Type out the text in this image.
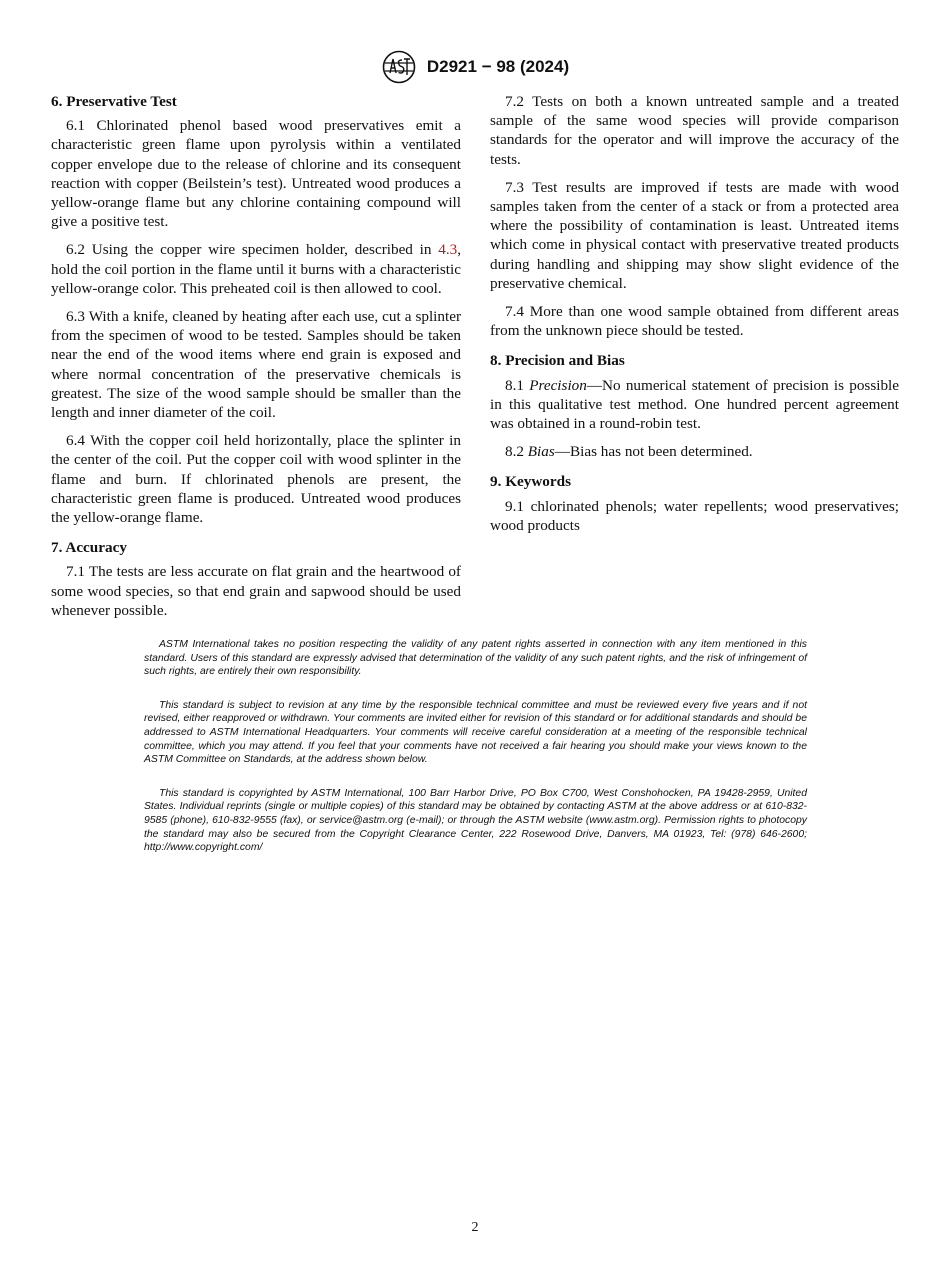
D2921 − 98 (2024)
6. Preservative Test

6.1 Chlorinated phenol based wood preservatives emit a characteristic green flame upon pyrolysis within a ventilated copper envelope due to the release of chlorine and its consequent reaction with copper (Beilstein’s test). Untreated wood produces a yellow-orange flame but any chlorine containing compound will give a positive test.

6.2 Using the copper wire specimen holder, described in 4.3, hold the coil portion in the flame until it burns with a characteristic yellow-orange color. This preheated coil is then allowed to cool.

6.3 With a knife, cleaned by heating after each use, cut a splinter from the specimen of wood to be tested. Samples should be taken near the end of the wood items where end grain is exposed and where normal concentration of the preservative chemicals is greatest. The size of the wood sample should be smaller than the length and inner diameter of the coil.

6.4 With the copper coil held horizontally, place the splinter in the center of the coil. Put the copper coil with wood splinter in the flame and burn. If chlorinated phenols are present, the characteristic green flame is produced. Untreated wood produces the yellow-orange flame.

7. Accuracy

7.1 The tests are less accurate on flat grain and the heartwood of some wood species, so that end grain and sapwood should be used whenever possible.

7.2 Tests on both a known untreated sample and a treated sample of the same wood species will provide comparison standards for the operator and will improve the accuracy of the tests.

7.3 Test results are improved if tests are made with wood samples taken from the center of a stack or from a protected area where the possibility of contamination is least. Untreated items which come in physical contact with preservative treated products during handling and shipping may show slight evidence of the preservative chemical.

7.4 More than one wood sample obtained from different areas from the unknown piece should be tested.

8. Precision and Bias

8.1 Precision—No numerical statement of precision is possible in this qualitative test method. One hundred percent agreement was obtained in a round-robin test.

8.2 Bias—Bias has not been determined.

9. Keywords

9.1 chlorinated phenols; water repellents; wood preservatives; wood products

ASTM International takes no position respecting the validity of any patent rights asserted in connection with any item mentioned in this standard. Users of this standard are expressly advised that determination of the validity of any such patent rights, and the risk of infringement of such rights, are entirely their own responsibility.

This standard is subject to revision at any time by the responsible technical committee and must be reviewed every five years and if not revised, either reapproved or withdrawn. Your comments are invited either for revision of this standard or for additional standards and should be addressed to ASTM International Headquarters. Your comments will receive careful consideration at a meeting of the responsible technical committee, which you may attend. If you feel that your comments have not received a fair hearing you should make your views known to the ASTM Committee on Standards, at the address shown below.

This standard is copyrighted by ASTM International, 100 Barr Harbor Drive, PO Box C700, West Conshohocken, PA 19428-2959, United States. Individual reprints (single or multiple copies) of this standard may be obtained by contacting ASTM at the above address or at 610-832-9585 (phone), 610-832-9555 (fax), or service@astm.org (e-mail); or through the ASTM website (www.astm.org). Permission rights to photocopy the standard may also be secured from the Copyright Clearance Center, 222 Rosewood Drive, Danvers, MA 01923, Tel: (978) 646-2600; http://www.copyright.com/

2
